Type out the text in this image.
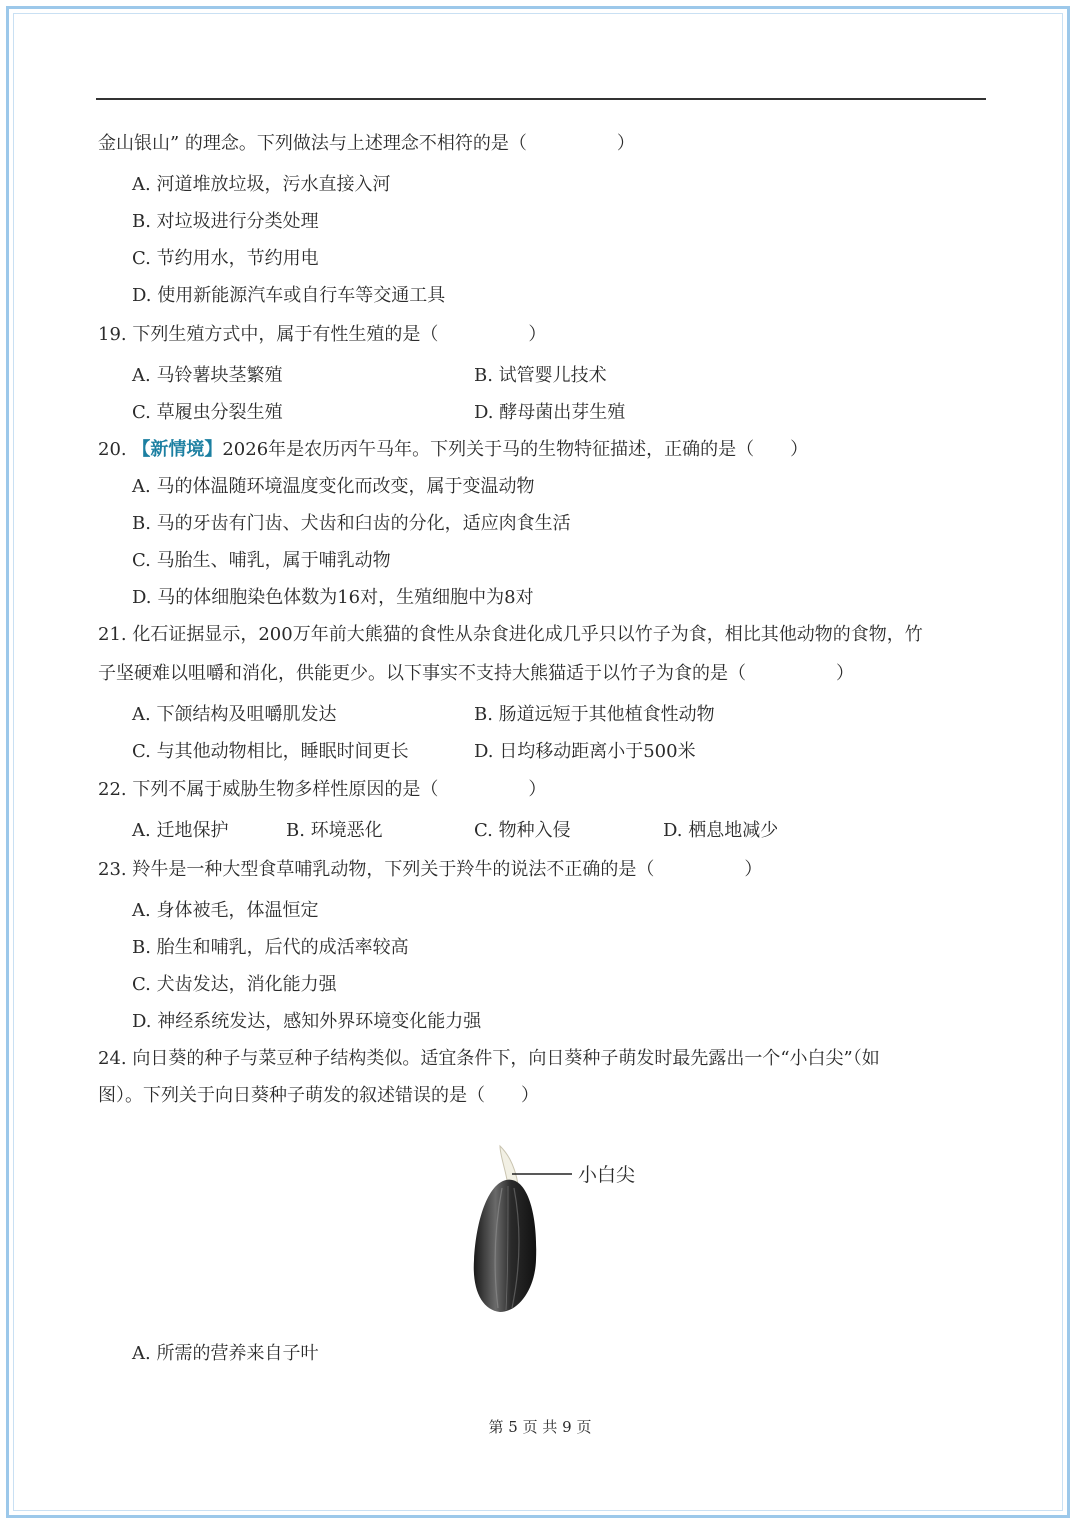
金山银山” 的理念。下列做法与上述理念不相符的是（　　　　　）
A. 河道堆放垃圾，污水直接入河
B. 对垃圾进行分类处理
C. 节约用水，节约用电
D. 使用新能源汽车或自行车等交通工具
19. 下列生殖方式中，属于有性生殖的是（　　　　　）
A. 马铃薯块茎繁殖	B. 试管婴儿技术
C. 草履虫分裂生殖	D. 酵母菌出芽生殖
20. 【新情境】2026年是农历丙午马年。下列关于马的生物特征描述，正确的是（　　）
A. 马的体温随环境温度变化而改变，属于变温动物
B. 马的牙齿有门齿、犬齿和臼齿的分化，适应肉食生活
C. 马胎生、哺乳，属于哺乳动物
D. 马的体细胞染色体数为16对，生殖细胞中为8对
21. 化石证据显示，200万年前大熊猫的食性从杂食进化成几乎只以竹子为食，相比其他动物的食物，竹
子坚硬难以咀嚼和消化，供能更少。以下事实不支持大熊猫适于以竹子为食的是（　　　　　）
A. 下颌结构及咀嚼肌发达	B. 肠道远短于其他植食性动物
C. 与其他动物相比，睡眠时间更长	D. 日均移动距离小于500米
22. 下列不属于威胁生物多样性原因的是（　　　　　）
A. 迁地保护	B. 环境恶化	C. 物种入侵	D. 栖息地减少
23. 羚牛是一种大型食草哺乳动物，下列关于羚牛的说法不正确的是（　　　　　）
A. 身体被毛，体温恒定
B. 胎生和哺乳，后代的成活率较高
C. 犬齿发达，消化能力强
D. 神经系统发达，感知外界环境变化能力强
24. 向日葵的种子与菜豆种子结构类似。适宜条件下，向日葵种子萌发时最先露出一个“小白尖”（如
图）。下列关于向日葵种子萌发的叙述错误的是（　　）
小白尖
A. 所需的营养来自子叶
第 5 页 共 9 页
